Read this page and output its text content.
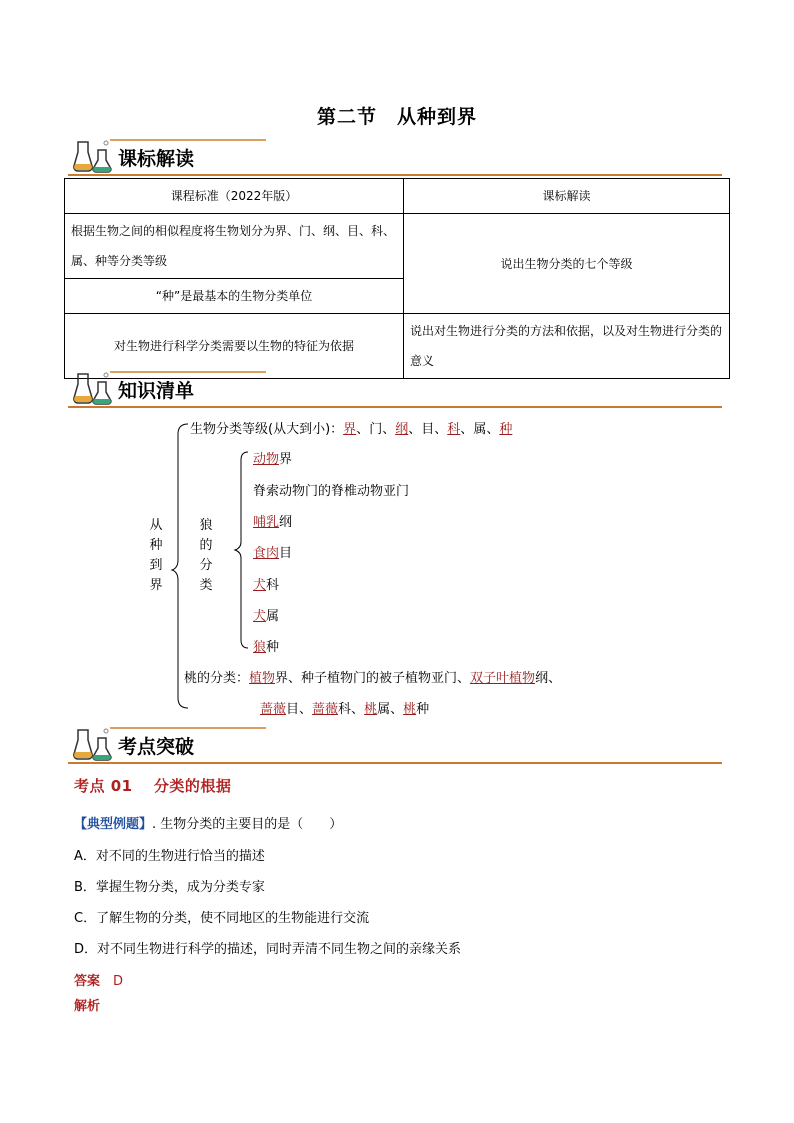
第二节　从种到界
课标解读
课程标准（2022年版）	课标解读
根据生物之间的相似程度将生物划分为界、门、纲、目、科、属、种等分类等级	说出生物分类的七个等级
“种”是最基本的生物分类单位	
对生物进行科学分类需要以生物的特征为依据	说出对生物进行分类的方法和依据，以及对生物进行分类的意义
知识清单
从种到界
生物分类等级(从大到小)：界、门、纲、目、科、属、种
狼的分类
动物界
脊索动物门的脊椎动物亚门
哺乳纲
食肉目
犬科
犬属
狼种
桃的分类：植物界、种子植物门的被子植物亚门、双子叶植物纲、
蔷薇目、蔷薇科、桃属、桃种
考点突破
考点 01　 分类的根据
【典型例题】. 生物分类的主要目的是（　　）
A．对不同的生物进行恰当的描述
B．掌握生物分类，成为分类专家
C．了解生物的分类，使不同地区的生物能进行交流
D．对不同生物进行科学的描述，同时弄清不同生物之间的亲缘关系
答案　 D
解析
